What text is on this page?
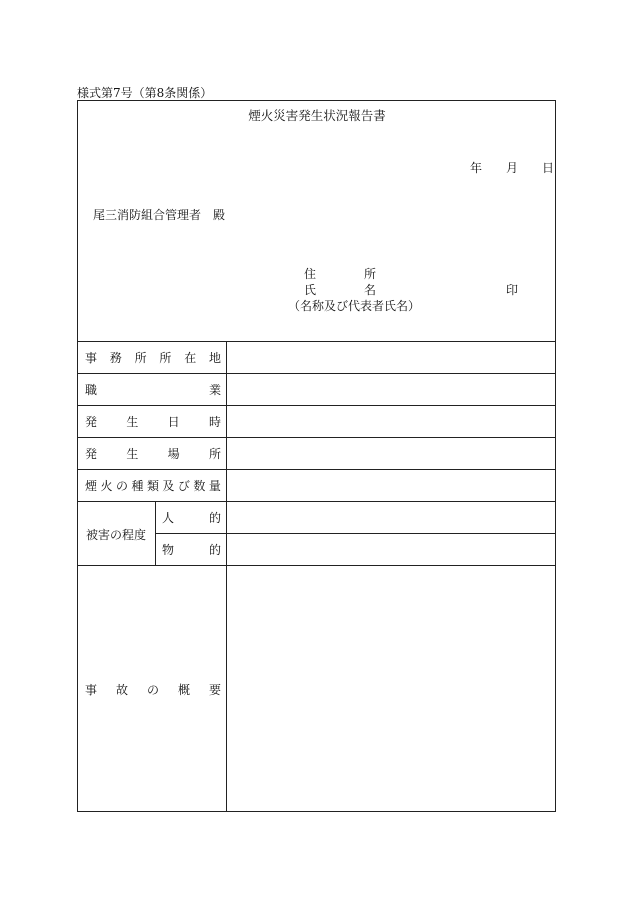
様式第7号（第8条関係）
煙火災害発生状況報告書
年 月 日
尾三消防組合管理者　殿
住	所
氏	名	印
（名称及び代表者氏名）
事 務 所 所 在 地
職	業
発 生 日 時
発 生 場 所
煙 火 の 種 類 及 び 数 量
被害の程度
人	的
物	的
事 故 の 概 要
